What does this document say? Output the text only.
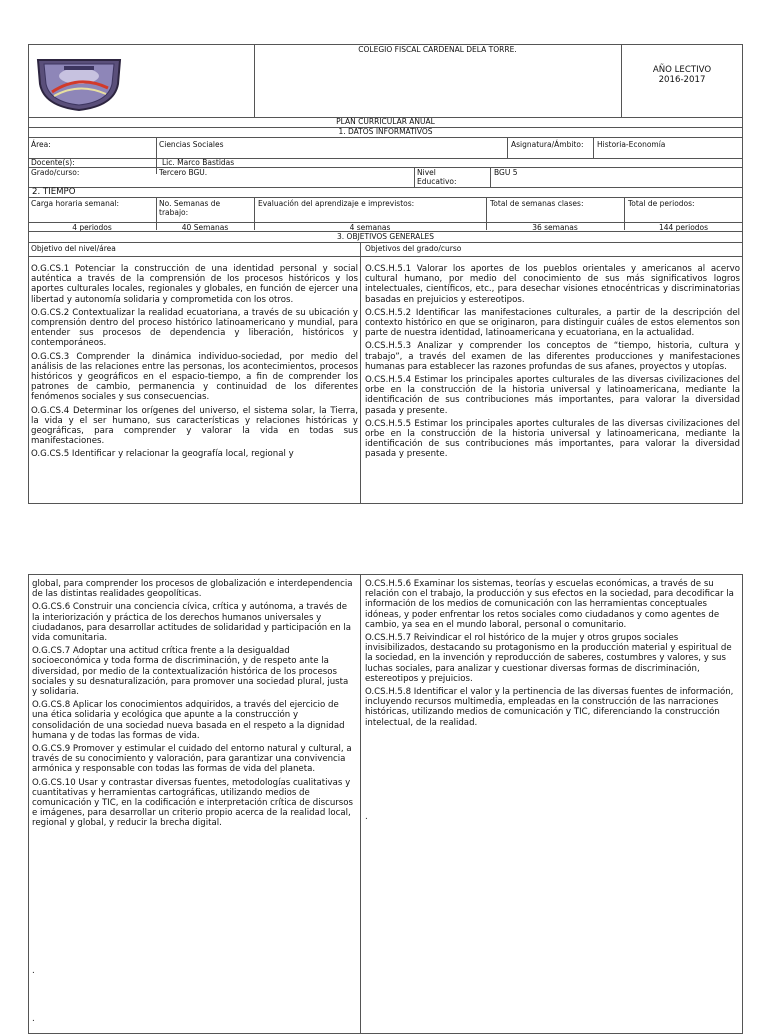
COLEGIO FISCAL CARDENAL DELA TORRE.
AÑO LECTIVO
2016-2017
PLAN CURRICULAR ANUAL
1. DATOS INFORMATIVOS
Área:	Ciencias Sociales	Asignatura/Ámbito:	Historia-Economía
Docente(s):	Lic. Marco Bastidas
Grado/curso:	Tercero BGU.	Nivel Educativo:
BGU 5
2. TIEMPO
Carga horaria semanal:	No. Semanas de trabajo:
Evaluación del aprendizaje e imprevistos:	Total de semanas clases:	Total de periodos:
4 periodos	40 Semanas	4 semanas	36 semanas	144 periodos
3. OBJETIVOS GENERALES
Objetivo del nivel/área	Objetivos del grado/curso

O.G.CS.1 Potenciar la construcción de una identidad personal y social auténtica a través de la comprensión de los procesos históricos y los aportes culturales locales, regionales y globales, en función de ejercer una libertad y autonomía solidaria y comprometida con los otros.

O.G.CS.2 Contextualizar la realidad ecuatoriana, a través de su ubicación y comprensión dentro del proceso histórico latinoamericano y mundial, para entender sus procesos de dependencia y liberación, históricos y contemporáneos.

O.G.CS.3 Comprender la dinámica individuo-sociedad, por medio del análisis de las relaciones entre las personas, los acontecimientos, procesos históricos y geográficos en el espacio-tiempo, a fin de comprender los patrones de cambio, permanencia y continuidad de los diferentes fenómenos sociales y sus consecuencias.

O.G.CS.4 Determinar los orígenes del universo, el sistema solar, la Tierra, la vida y el ser humano, sus características y relaciones históricas y geográficas, para comprender y valorar la vida en todas sus manifestaciones.

O.G.CS.5 Identificar y relacionar la geografía local, regional y

O.CS.H.5.1 Valorar los aportes de los pueblos orientales y americanos al acervo cultural humano, por medio del conocimiento de sus más significativos logros intelectuales, científicos, etc., para desechar visiones etnocéntricas y discriminatorias basadas en prejuicios y estereotipos.

O.CS.H.5.2 Identificar las manifestaciones culturales, a partir de la descripción del contexto histórico en que se originaron, para distinguir cuáles de estos elementos son parte de nuestra identidad, latinoamericana y ecuatoriana, en la actualidad.

O.CS.H.5.3 Analizar y comprender los conceptos de “tiempo, historia, cultura y trabajo”, a través del examen de las diferentes producciones y manifestaciones humanas para establecer las razones profundas de sus afanes, proyectos y utopías.

O.CS.H.5.4 Estimar los principales aportes culturales de las diversas civilizaciones del orbe en la construcción de la historia universal y latinoamericana, mediante la identificación de sus contribuciones más importantes, para valorar la diversidad pasada y presente.

O.CS.H.5.5 Estimar los principales aportes culturales de las diversas civilizaciones del orbe en la construcción de la historia universal y latinoamericana, mediante la identificación de sus contribuciones más importantes, para valorar la diversidad pasada y presente.

global, para comprender los procesos de globalización e interdependencia de las distintas realidades geopolíticas.

O.G.CS.6 Construir una conciencia cívica, crítica y autónoma, a través de la interiorización y práctica de los derechos humanos universales y ciudadanos, para desarrollar actitudes de solidaridad y participación en la vida comunitaria.

O.G.CS.7 Adoptar una actitud crítica frente a la desigualdad socioeconómica y toda forma de discriminación, y de respeto ante la diversidad, por medio de la contextualización histórica de los procesos sociales y su desnaturalización, para promover una sociedad plural, justa y solidaria.

O.G.CS.8 Aplicar los conocimientos adquiridos, a través del ejercicio de una ética solidaria y ecológica que apunte a la construcción y consolidación de una sociedad nueva basada en el respeto a la dignidad humana y de todas las formas de vida.

O.G.CS.9 Promover y estimular el cuidado del entorno natural y cultural, a través de su conocimiento y valoración, para garantizar una convivencia armónica y responsable con todas las formas de vida del planeta.

O.G.CS.10 Usar y contrastar diversas fuentes, metodologías cualitativas y cuantitativas y herramientas cartográficas, utilizando medios de comunicación y TIC, en la codificación e interpretación crítica de discursos e imágenes, para desarrollar un criterio propio acerca de la realidad local, regional y global, y reducir la brecha digital.

O.CS.H.5.6 Examinar los sistemas, teorías y escuelas económicas, a través de su relación con el trabajo, la producción y sus efectos en la sociedad, para decodificar la información de los medios de comunicación con las herramientas conceptuales idóneas, y poder enfrentar los retos sociales como ciudadanos y como agentes de cambio, ya sea en el mundo laboral, personal o comunitario.

O.CS.H.5.7 Reivindicar el rol histórico de la mujer y otros grupos sociales invisibilizados, destacando su protagonismo en la producción material y espiritual de la sociedad, en la invención y reproducción de saberes, costumbres y valores, y sus luchas sociales, para analizar y cuestionar diversas formas de discriminación, estereotipos y prejuicios.

O.CS.H.5.8 Identificar el valor y la pertinencia de las diversas fuentes de información, incluyendo recursos multimedia, empleadas en la construcción de las narraciones históricas, utilizando medios de comunicación y TIC, diferenciando la construcción intelectual, de la realidad.

.
.
.
